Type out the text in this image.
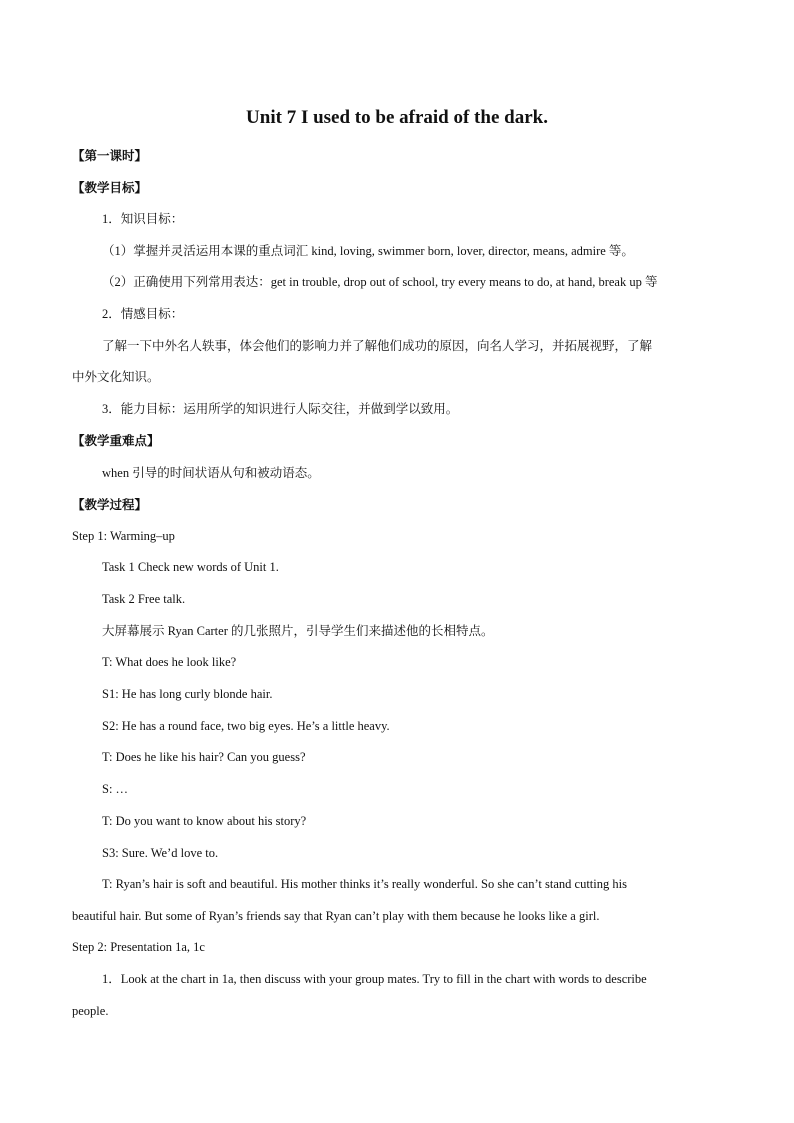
Unit 7 I used to be afraid of the dark.
【第一课时】
【教学目标】
1．知识目标：
（1）掌握并灵活运用本课的重点词汇 kind, loving, swimmer born, lover, director, means, admire 等。
（2）正确使用下列常用表达：get in trouble, drop out of school, try every means to do, at hand, break up 等
2．情感目标：
了解一下中外名人轶事，体会他们的影响力并了解他们成功的原因，向名人学习，并拓展视野，了解
中外文化知识。
3．能力目标：运用所学的知识进行人际交往，并做到学以致用。
【教学重难点】
when 引导的时间状语从句和被动语态。
【教学过程】
Step 1: Warming–up
Task 1 Check new words of Unit 1.
Task 2 Free talk.
大屏幕展示 Ryan Carter 的几张照片，引导学生们来描述他的长相特点。
T: What does he look like?
S1: He has long curly blonde hair.
S2: He has a round face, two big eyes. He’s a little heavy.
T: Does he like his hair? Can you guess?
S: …
T: Do you want to know about his story?
S3: Sure. We’d love to.
T: Ryan’s hair is soft and beautiful. His mother thinks it’s really wonderful. So she can’t stand cutting his
beautiful hair. But some of Ryan’s friends say that Ryan can’t play with them because he looks like a girl.
Step 2: Presentation 1a, 1c
1．Look at the chart in 1a, then discuss with your group mates. Try to fill in the chart with words to describe
people.
